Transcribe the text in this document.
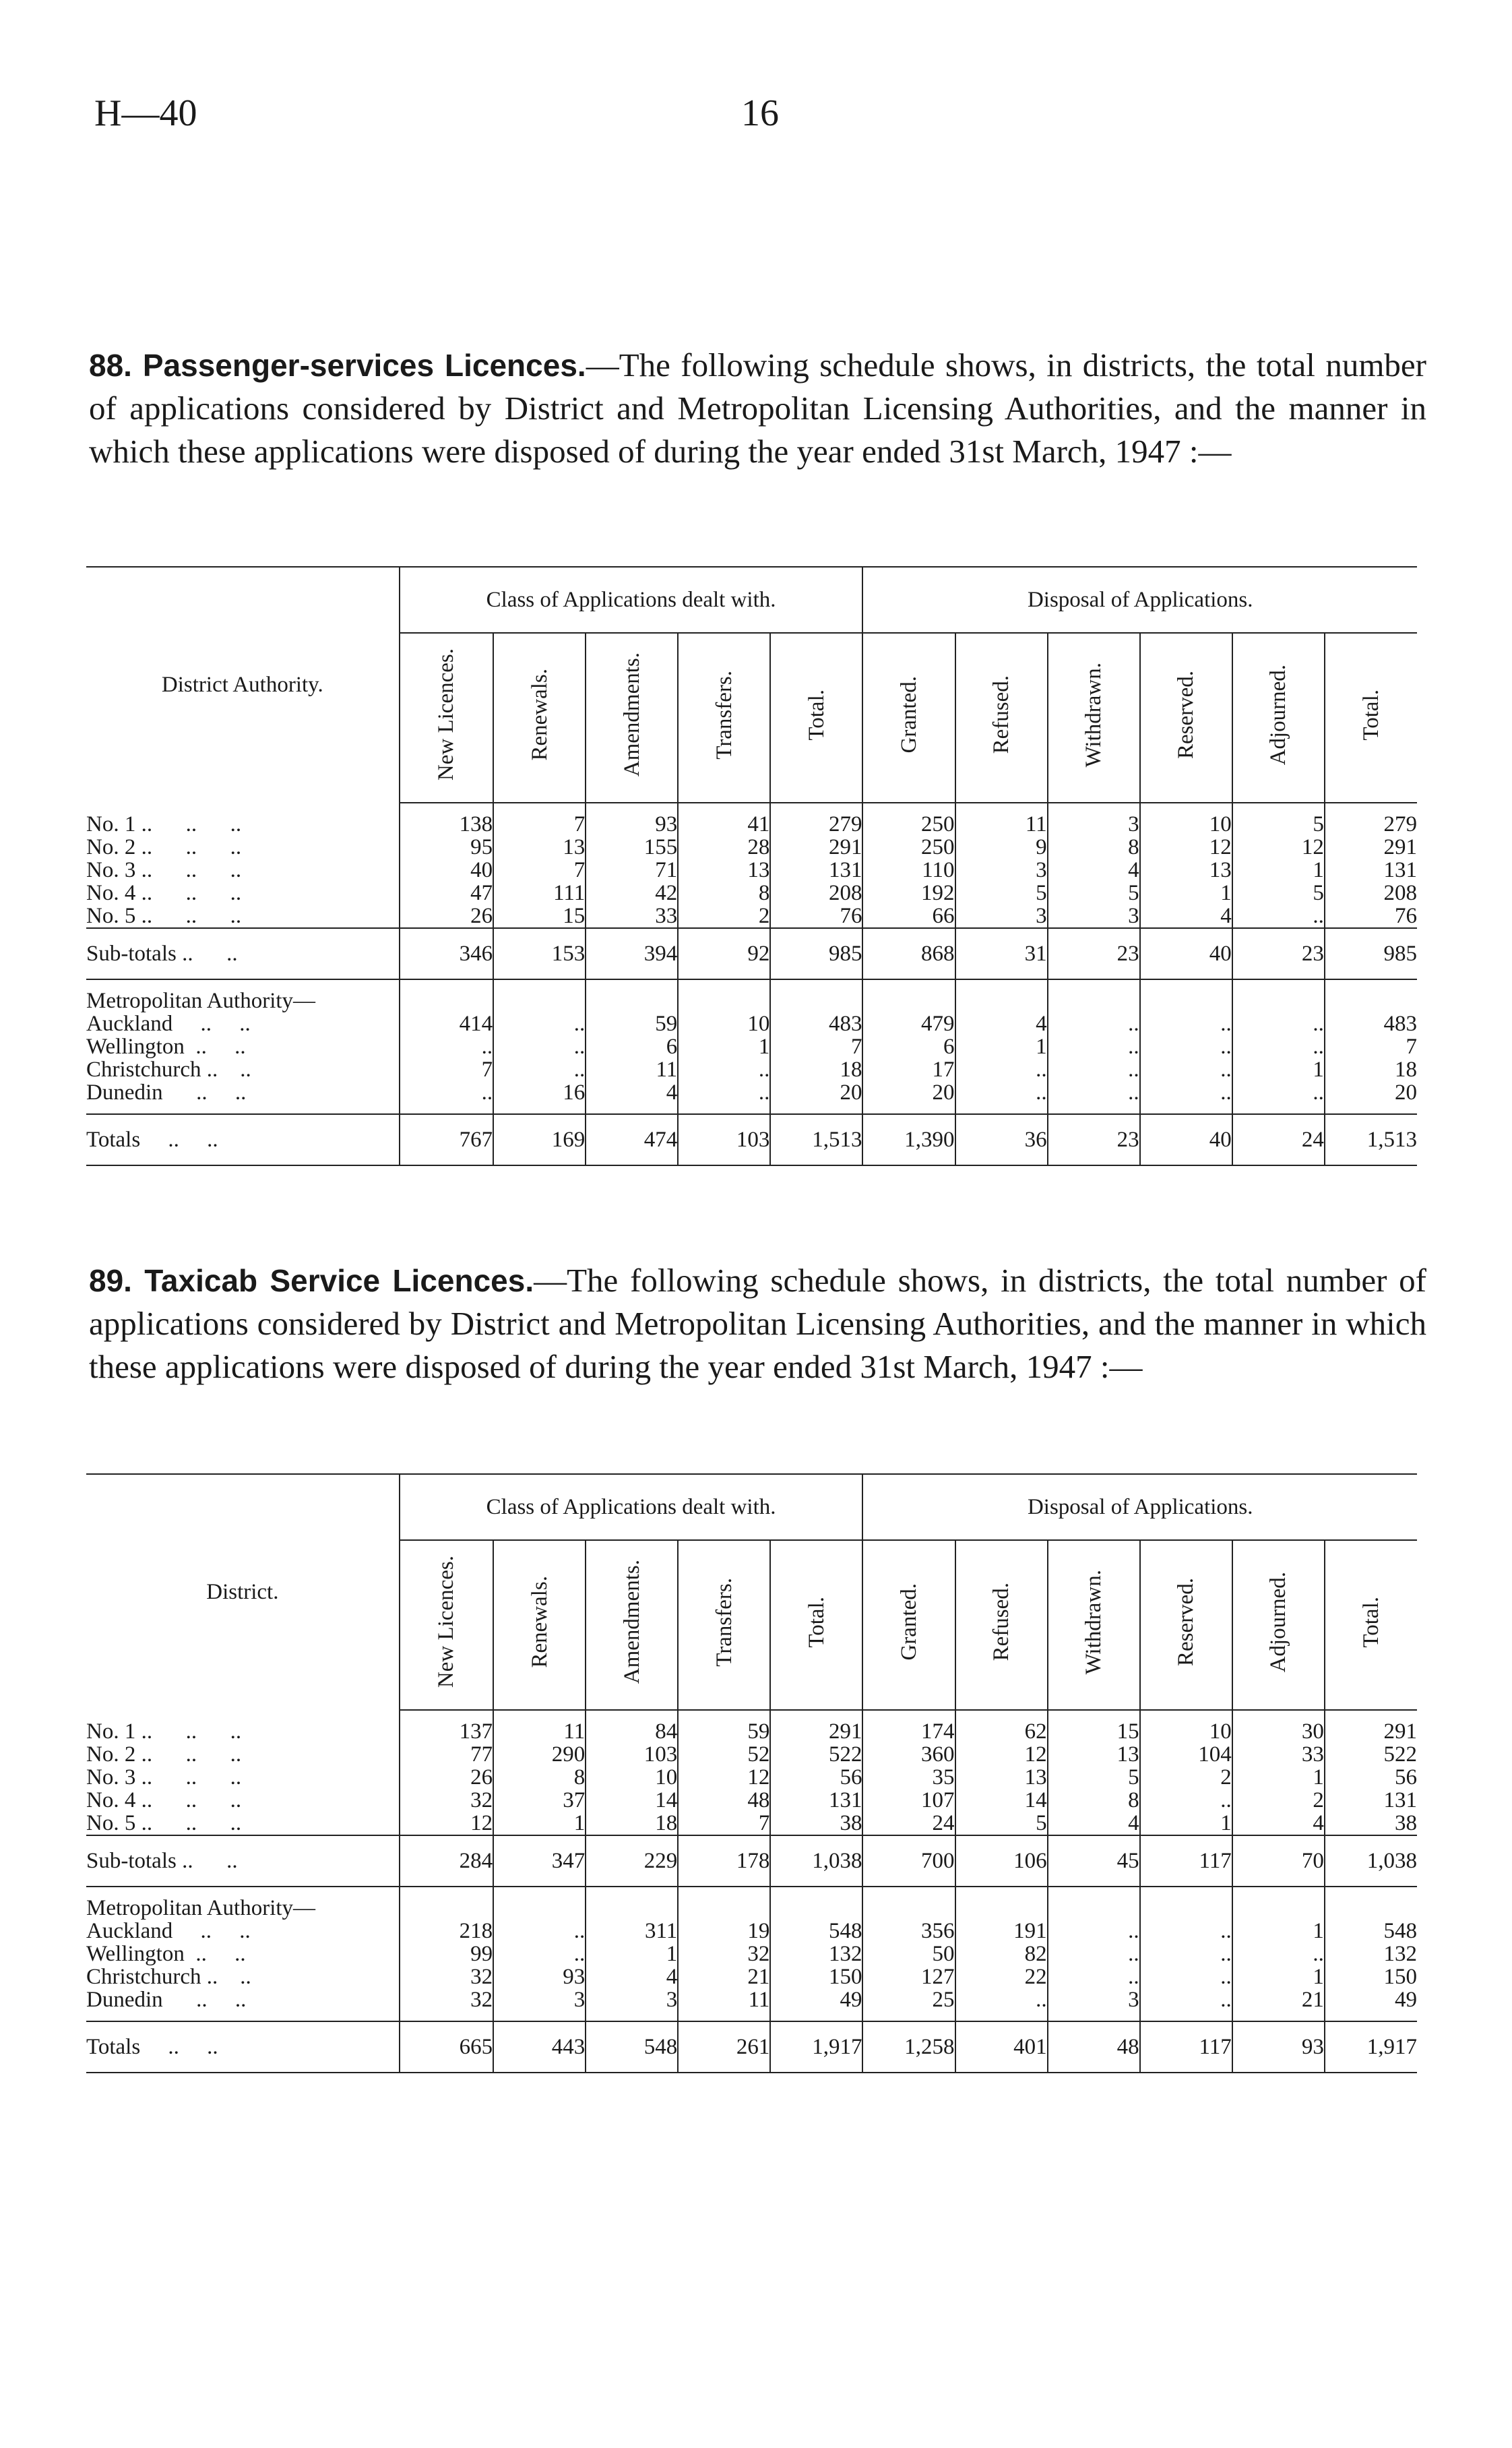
H—40	16
88. Passenger-services Licences.—The following schedule shows, in districts, the total number of applications considered by District and Metropolitan Licensing Authorities, and the manner in which these applications were disposed of during the year ended 31st March, 1947 :—
District Authority.	Class of Applications dealt with.					Disposal of Applications.					
	New Licences.	Renewals.	Amendments.	Transfers.	Total.	Granted.	Refused.	Withdrawn.	Reserved.	Adjourned.	Total.
No. 1 ..      ..      ..	138	7	93	41	279	250	11	3	10	5	279
No. 2 ..      ..      ..	95	13	155	28	291	250	9	8	12	12	291
No. 3 ..      ..      ..	40	7	71	13	131	110	3	4	13	1	131
No. 4 ..      ..      ..	47	111	42	8	208	192	5	5	1	5	208
No. 5 ..      ..      ..	26	15	33	2	76	66	3	3	4	..	76
Sub-totals ..      ..	346	153	394	92	985	868	31	23	40	23	985
Metropolitan Authority—											
Auckland     ..     ..	414	..	59	10	483	479	4	..	..	..	483
Wellington  ..     ..	..	..	6	1	7	6	1	..	..	..	7
Christchurch ..    ..	7	..	11	..	18	17	..	..	..	1	18
Dunedin      ..     ..	..	16	4	..	20	20	..	..	..	..	20
Totals     ..     ..	767	169	474	103	1,513	1,390	36	23	40	24	1,513
89. Taxicab Service Licences.—The following schedule shows, in districts, the total number of applications considered by District and Metropolitan Licensing Authorities, and the manner in which these applications were disposed of during the year ended 31st March, 1947 :—
District.	Class of Applications dealt with.					Disposal of Applications.					
	New Licences.	Renewals.	Amendments.	Transfers.	Total.	Granted.	Refused.	Withdrawn.	Reserved.	Adjourned.	Total.
No. 1 ..      ..      ..	137	11	84	59	291	174	62	15	10	30	291
No. 2 ..      ..      ..	77	290	103	52	522	360	12	13	104	33	522
No. 3 ..      ..      ..	26	8	10	12	56	35	13	5	2	1	56
No. 4 ..      ..      ..	32	37	14	48	131	107	14	8	..	2	131
No. 5 ..      ..      ..	12	1	18	7	38	24	5	4	1	4	38
Sub-totals ..      ..	284	347	229	178	1,038	700	106	45	117	70	1,038
Metropolitan Authority—											
Auckland     ..     ..	218	..	311	19	548	356	191	..	..	1	548
Wellington  ..     ..	99	..	1	32	132	50	82	..	..	..	132
Christchurch ..    ..	32	93	4	21	150	127	22	..	..	1	150
Dunedin      ..     ..	32	3	3	11	49	25	..	3	..	21	49
Totals     ..     ..	665	443	548	261	1,917	1,258	401	48	117	93	1,917
